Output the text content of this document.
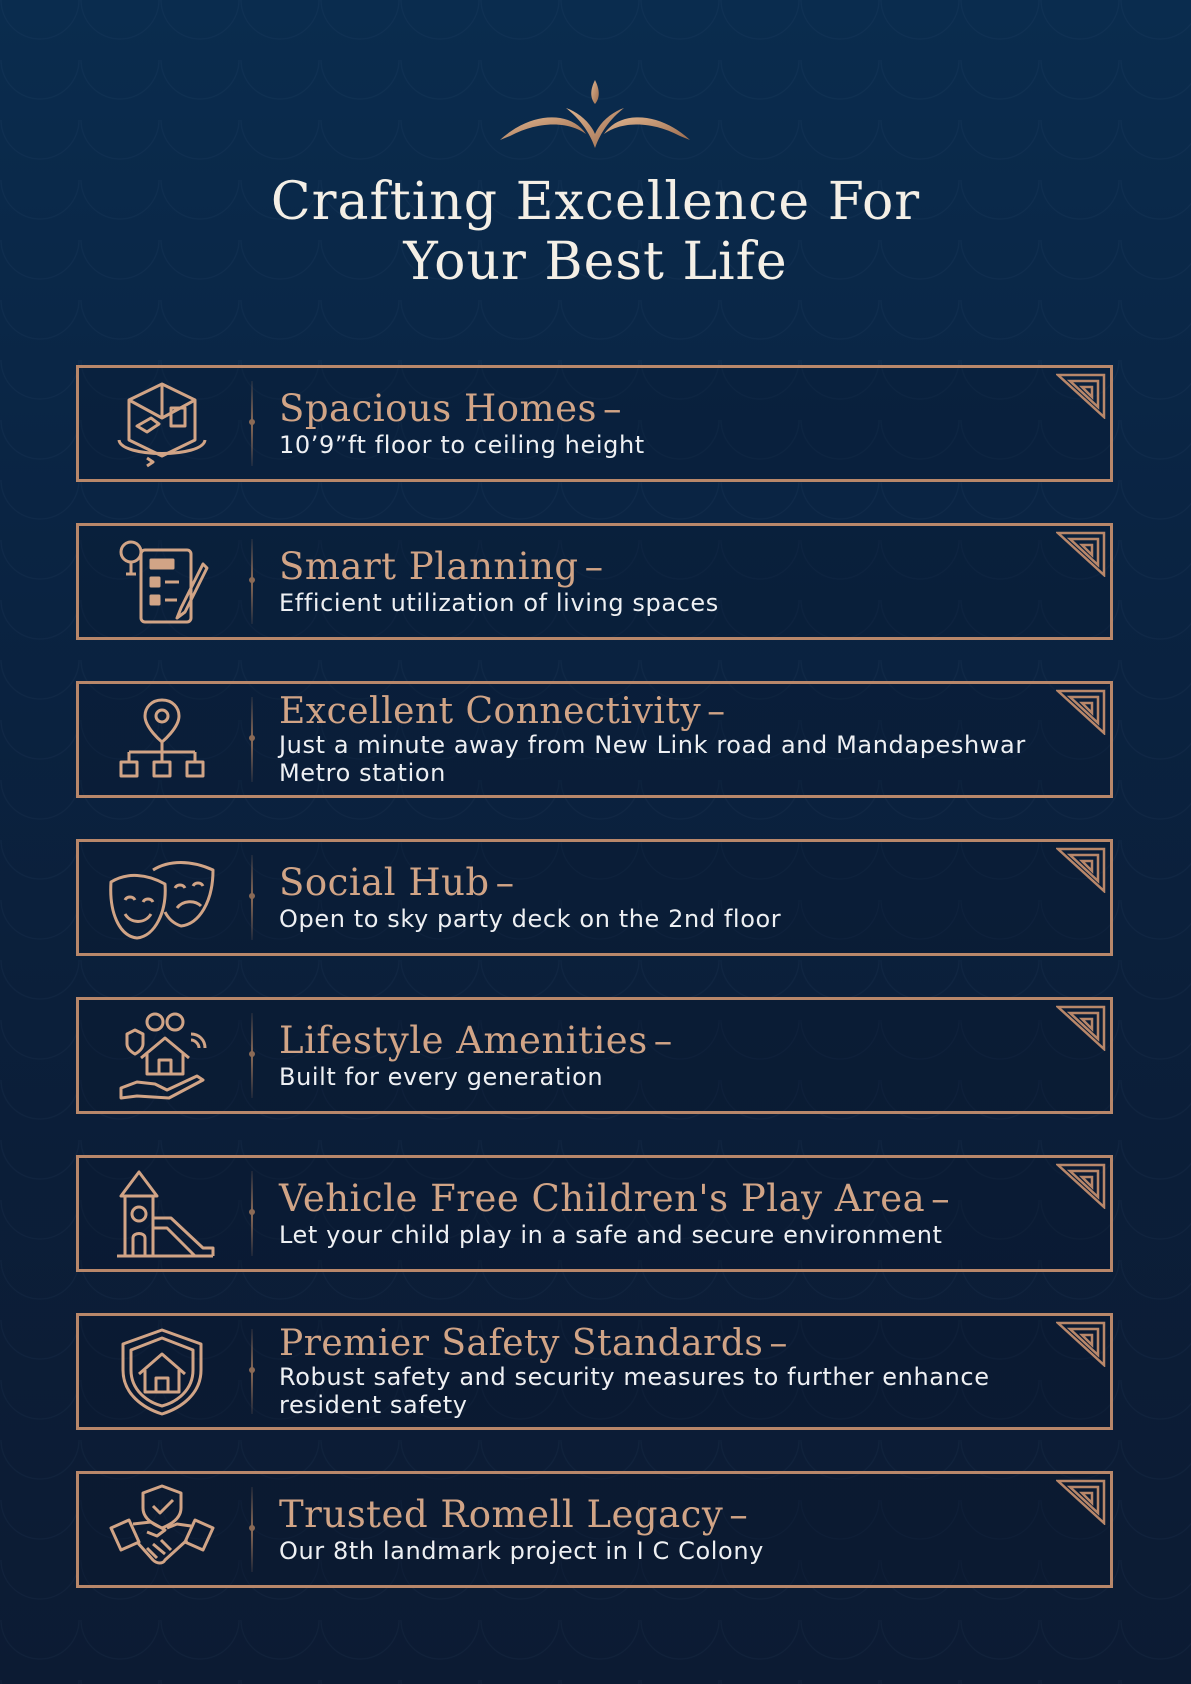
Crafting Excellence For
Your Best Life
Spacious Homes –

10’9”ft floor to ceiling height

Smart Planning –

Efficient utilization of living spaces

Excellent Connectivity –

Just a minute away from New Link road and Mandapeshwar Metro station

Social Hub –

Open to sky party deck on the 2nd floor

Lifestyle Amenities –

Built for every generation

Vehicle Free Children's Play Area –

Let your child play in a safe and secure environment

Premier Safety Standards –

Robust safety and security measures to further enhance resident safety

Trusted Romell Legacy –

Our 8th landmark project in I C Colony
